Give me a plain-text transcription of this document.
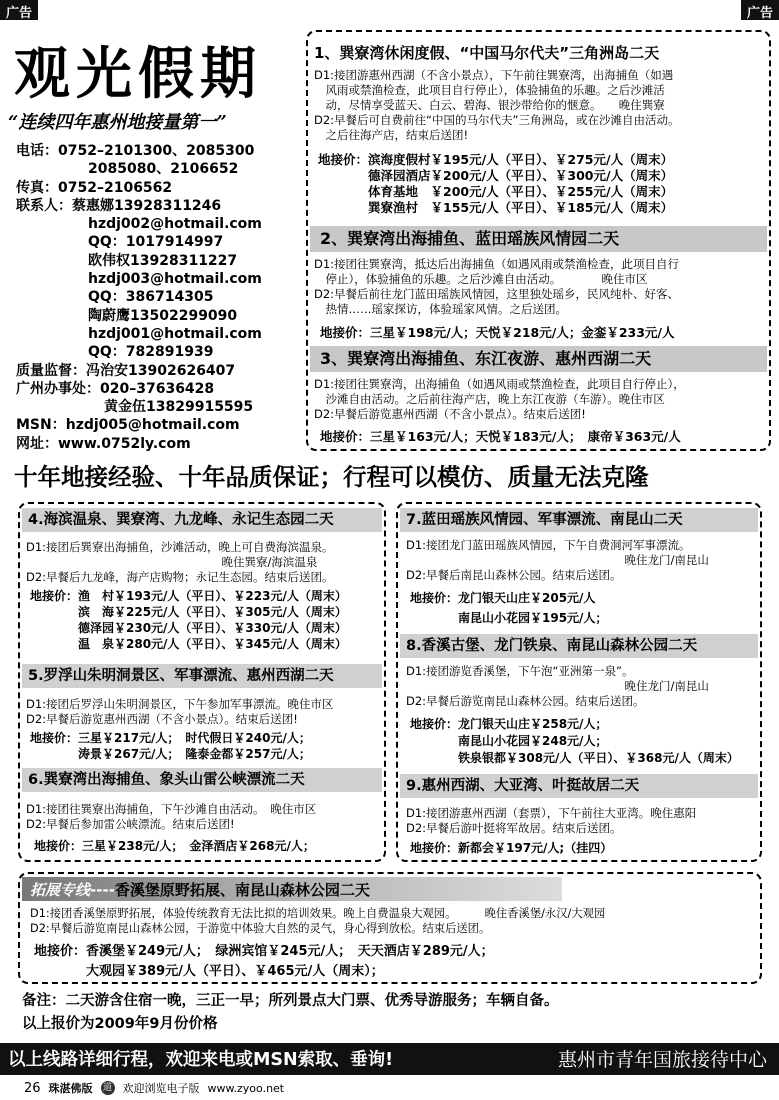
广告	广告
观光假期
“连续四年惠州地接量第一”
电话：0752–2101300、2085300
2085080、2106652
传真：0752–2106562
联系人：蔡惠娜13928311246
hzdj002@hotmail.com
QQ：1017914997
欧伟权13928311227
hzdj003@hotmail.com
QQ：386714305
陶蔚鹰13502299090
hzdj001@hotmail.com
QQ：782891939
质量监督：冯治安13902626407
广州办事处：020–37636428
黄金伍13829915595
MSN：hzdj005@hotmail.com
网址：www.0752ly.com
1、巽寮湾休闲度假、“中国马尔代夫”三角洲岛二天
D1:接团游惠州西湖（不含小景点），下午前往巽寮湾，出海捕鱼（如遇
　风雨或禁渔检查，此项目自行停止），体验捕鱼的乐趣。之后沙滩活
　动，尽情享受蓝天、白云、碧海、银沙带给你的惬意。　　晚住巽寮
D2:早餐后可自费前往“中国的马尔代夫”三角洲岛，或在沙滩自由活动。
　之后往海产店，结束后送团!
地接价：滨海度假村￥195元/人（平日）、￥275元/人（周末）
　　　　德泽园酒店￥200元/人（平日）、￥300元/人（周末）
　　　　体育基地　￥200元/人（平日）、￥255元/人（周末）
　　　　巽寮渔村　￥155元/人（平日）、￥185元/人（周末）
2、巽寮湾出海捕鱼、蓝田瑶族风情园二天
D1:接团往巽寮湾，抵达后出海捕鱼（如遇风雨或禁渔检查，此项目自行
　停止），体验捕鱼的乐趣。之后沙滩自由活动。　　　　晚住市区
D2:早餐后前往龙门蓝田瑶族风情园，这里独处瑶乡，民风纯朴、好客、
　热情……瑶家探访，体验瑶家风情。之后送团。
地接价：三星￥198元/人；天悦￥218元/人；金銮￥233元/人
3、巽寮湾出海捕鱼、东江夜游、惠州西湖二天
D1:接团往巽寮湾，出海捕鱼（如遇风雨或禁渔检查，此项目自行停止），
　沙滩自由活动。之后前往海产店，晚上东江夜游（车游）。晚住市区
D2:早餐后游览惠州西湖（不含小景点）。结束后送团!
地接价：三星￥163元/人；天悦￥183元/人；　康帝￥363元/人
十年地接经验、十年品质保证；行程可以模仿、质量无法克隆
4.海滨温泉、巽寮湾、九龙峰、永记生态园二天
D1:接团后巽寮出海捕鱼，沙滩活动，晚上可自费海滨温泉。
　　　　　　　　　　　　　　　　　晚住巽寮/海滨温泉
D2:早餐后九龙峰，海产店购物；永记生态园。结束后送团。
地接价：渔　村￥193元/人（平日）、￥223元/人（周末）
　　　　滨　海￥225元/人（平日）、￥305元/人（周末）
　　　　德泽园￥230元/人（平日）、￥330元/人（周末）
　　　　温　泉￥280元/人（平日）、￥345元/人（周末）
5.罗浮山朱明洞景区、军事漂流、惠州西湖二天
D1:接团后罗浮山朱明洞景区，下午参加军事漂流。晚住市区
D2:早餐后游览惠州西湖（不含小景点）。结束后送团!
地接价：三星￥217元/人；　时代假日￥240元/人；
　　　　涛景￥267元/人；　隆泰金都￥257元/人；
6.巽寮湾出海捕鱼、象头山雷公峡漂流二天
D1:接团往巽寮出海捕鱼，下午沙滩自由活动。　晚住市区
D2:早餐后参加雷公峡漂流。结束后送团!
地接价：三星￥238元/人；　金泽酒店￥268元/人；
7.蓝田瑶族风情园、军事漂流、南昆山二天
D1:接团龙门蓝田瑶族风情园，下午自费洞河军事漂流。
　　　　　　　　　　　　　　　　　　　晚住龙门/南昆山
D2:早餐后南昆山森林公园。结束后送团。
地接价：龙门银天山庄￥205元/人
　　　　南昆山小花园￥195元/人；
8.香溪古堡、龙门铁泉、南昆山森林公园二天
D1:接团游览香溪堡，下午泡“亚洲第一泉”。
　　　　　　　　　　　　　　　　　　　晚住龙门/南昆山
D2:早餐后游览南昆山森林公园。结束后送团。
地接价：龙门银天山庄￥258元/人；
　　　　南昆山小花园￥248元/人；
　　　　铁泉银都￥308元/人（平日）、￥368元/人（周末）
9.惠州西湖、大亚湾、叶挺故居二天
D1:接团游惠州西湖（套票），下午前往大亚湾。晚住惠阳
D2:早餐后游叶挺将军故居。结束后送团。
地接价：新都会￥197元/人;（挂四）
拓展专线----香溪堡原野拓展、南昆山森林公园二天
D1:接团香溪堡原野拓展，体验传统教育无法比拟的培训效果。晚上自费温泉大观园。　　　晚住香溪堡/永汉/大观园
D2:早餐后游览南昆山森林公园，于游览中体验大自然的灵气，身心得到放松。结束后送团。
地接价：香溪堡￥249元/人；　绿洲宾馆￥245元/人；　天天酒店￥289元/人；
　　　　大观园￥389元/人（平日）、￥465元/人（周末）；
备注：二天游含住宿一晚，三正一早；所列景点大门票、优秀导游服务；车辆自备。
以上报价为2009年9月份价格
以上线路详细行程，欢迎来电或MSN索取、垂询!	惠州市青年国旅接待中心
26 珠湛佛版 道 欢迎浏览电子版 www.zyoo.net
